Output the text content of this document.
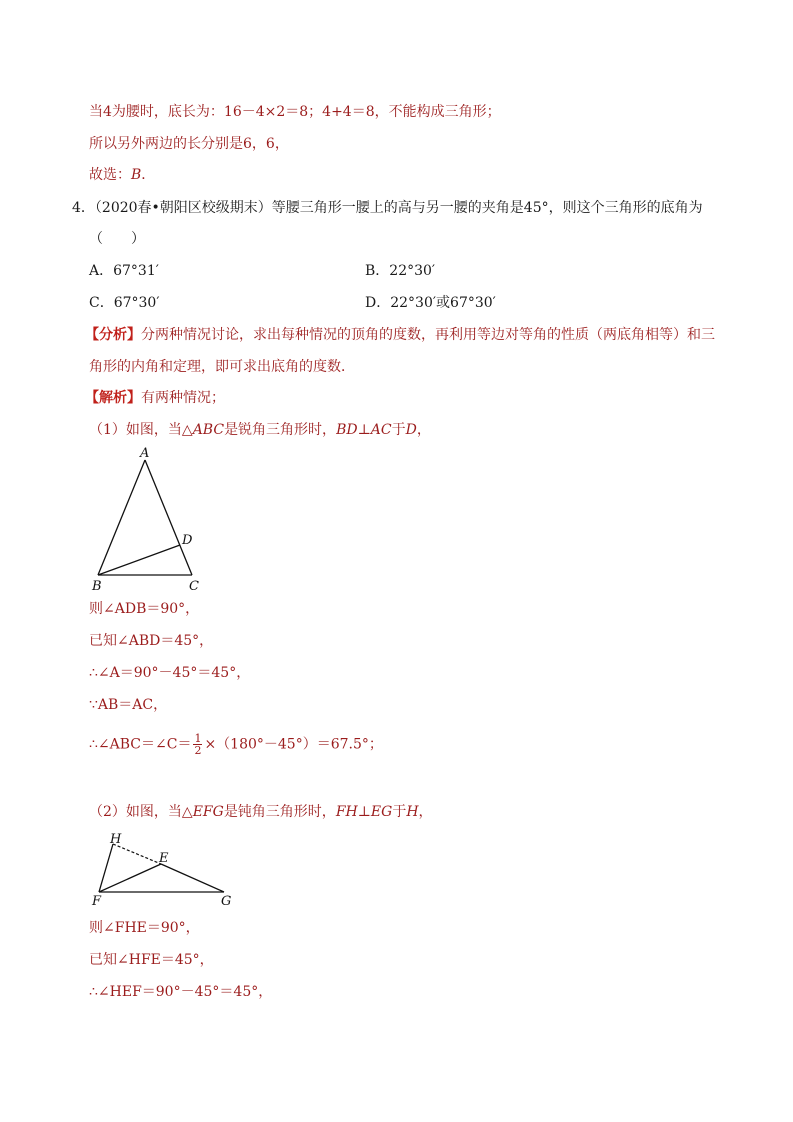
当4为腰时，底长为：16－4×2＝8；4+4＝8，不能构成三角形；
所以另外两边的长分别是6，6，
故选：B．
4．（2020春•朝阳区校级期末）等腰三角形一腰上的高与另一腰的夹角是45°，则这个三角形的底角为
（　　）
A．67°31′	B．22°30′
C．67°30′	D．22°30′或67°30′
【分析】分两种情况讨论，求出每种情况的顶角的度数，再利用等边对等角的性质（两底角相等）和三
角形的内角和定理，即可求出底角的度数．
【解析】有两种情况；
（1）如图，当△ABC是锐角三角形时，BD⊥AC于D，
A
B	C
D
则∠ADB＝90°，
已知∠ABD＝45°，
∴∠A＝90°－45°＝45°，
∵AB＝AC，
∴∠ABC＝∠C＝ $\frac{1}{2} \times(180^\circ-45^\circ)=67.5^\circ$；
（2）如图，当△EFG是钝角三角形时，FH⊥EG于H，
H
E
F	G
则∠FHE＝90°，
已知∠HFE＝45°，
∴∠HEF＝90°－45°＝45°，
